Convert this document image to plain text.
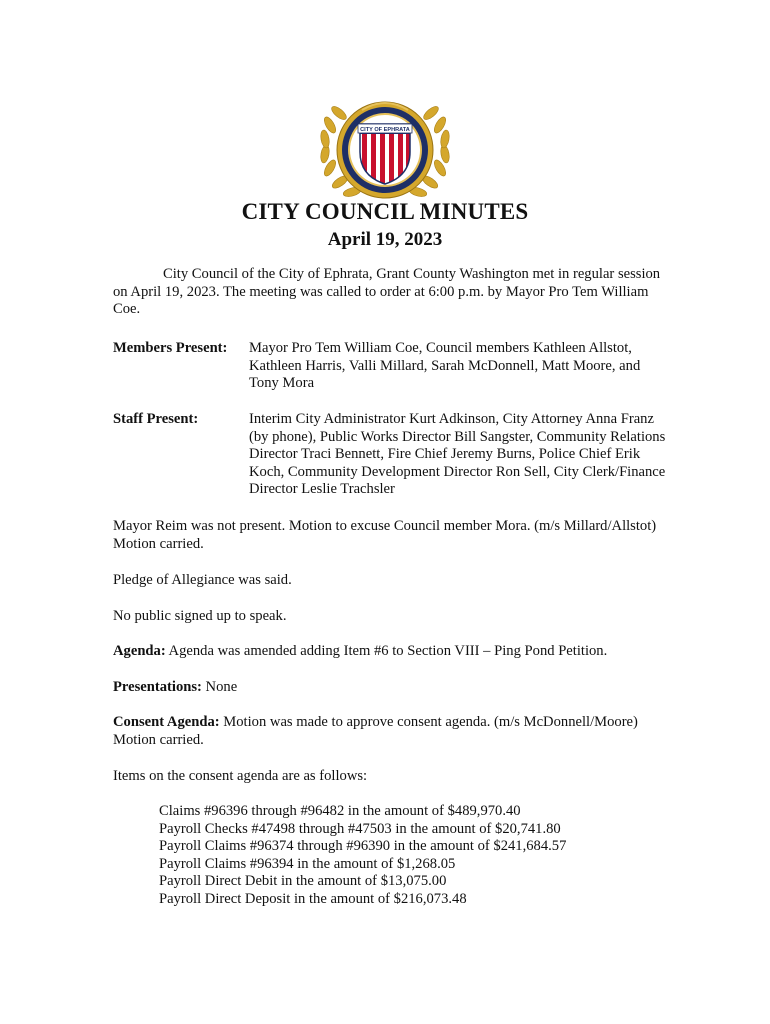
CITY OF EPHRATA
CITY COUNCIL MINUTES
April 19, 2023

City Council of the City of Ephrata, Grant County Washington met in regular session on April 19, 2023. The meeting was called to order at 6:00 p.m. by Mayor Pro Tem William Coe.

Members Present: Mayor Pro Tem William Coe, Council members Kathleen Allstot, Kathleen Harris, Valli Millard, Sarah McDonnell, Matt Moore, and Tony Mora

Staff Present:	Interim City Administrator Kurt Adkinson, City Attorney Anna Franz (by phone), Public Works Director Bill Sangster, Community Relations Director Traci Bennett, Fire Chief Jeremy Burns, Police Chief Erik Koch, Community Development Director Ron Sell, City Clerk/Finance Director Leslie Trachsler

Mayor Reim was not present. Motion to excuse Council member Mora. (m/s Millard/Allstot) Motion carried.

Pledge of Allegiance was said.

No public signed up to speak.

Agenda: Agenda was amended adding Item #6 to Section VIII – Ping Pond Petition.

Presentations: None

Consent Agenda: Motion was made to approve consent agenda. (m/s McDonnell/Moore) Motion carried.

Items on the consent agenda are as follows:

Claims #96396 through #96482 in the amount of $489,970.40
Payroll Checks #47498 through #47503 in the amount of $20,741.80
Payroll Claims #96374 through #96390 in the amount of $241,684.57
Payroll Claims #96394 in the amount of $1,268.05
Payroll Direct Debit in the amount of $13,075.00
Payroll Direct Deposit in the amount of $216,073.48
